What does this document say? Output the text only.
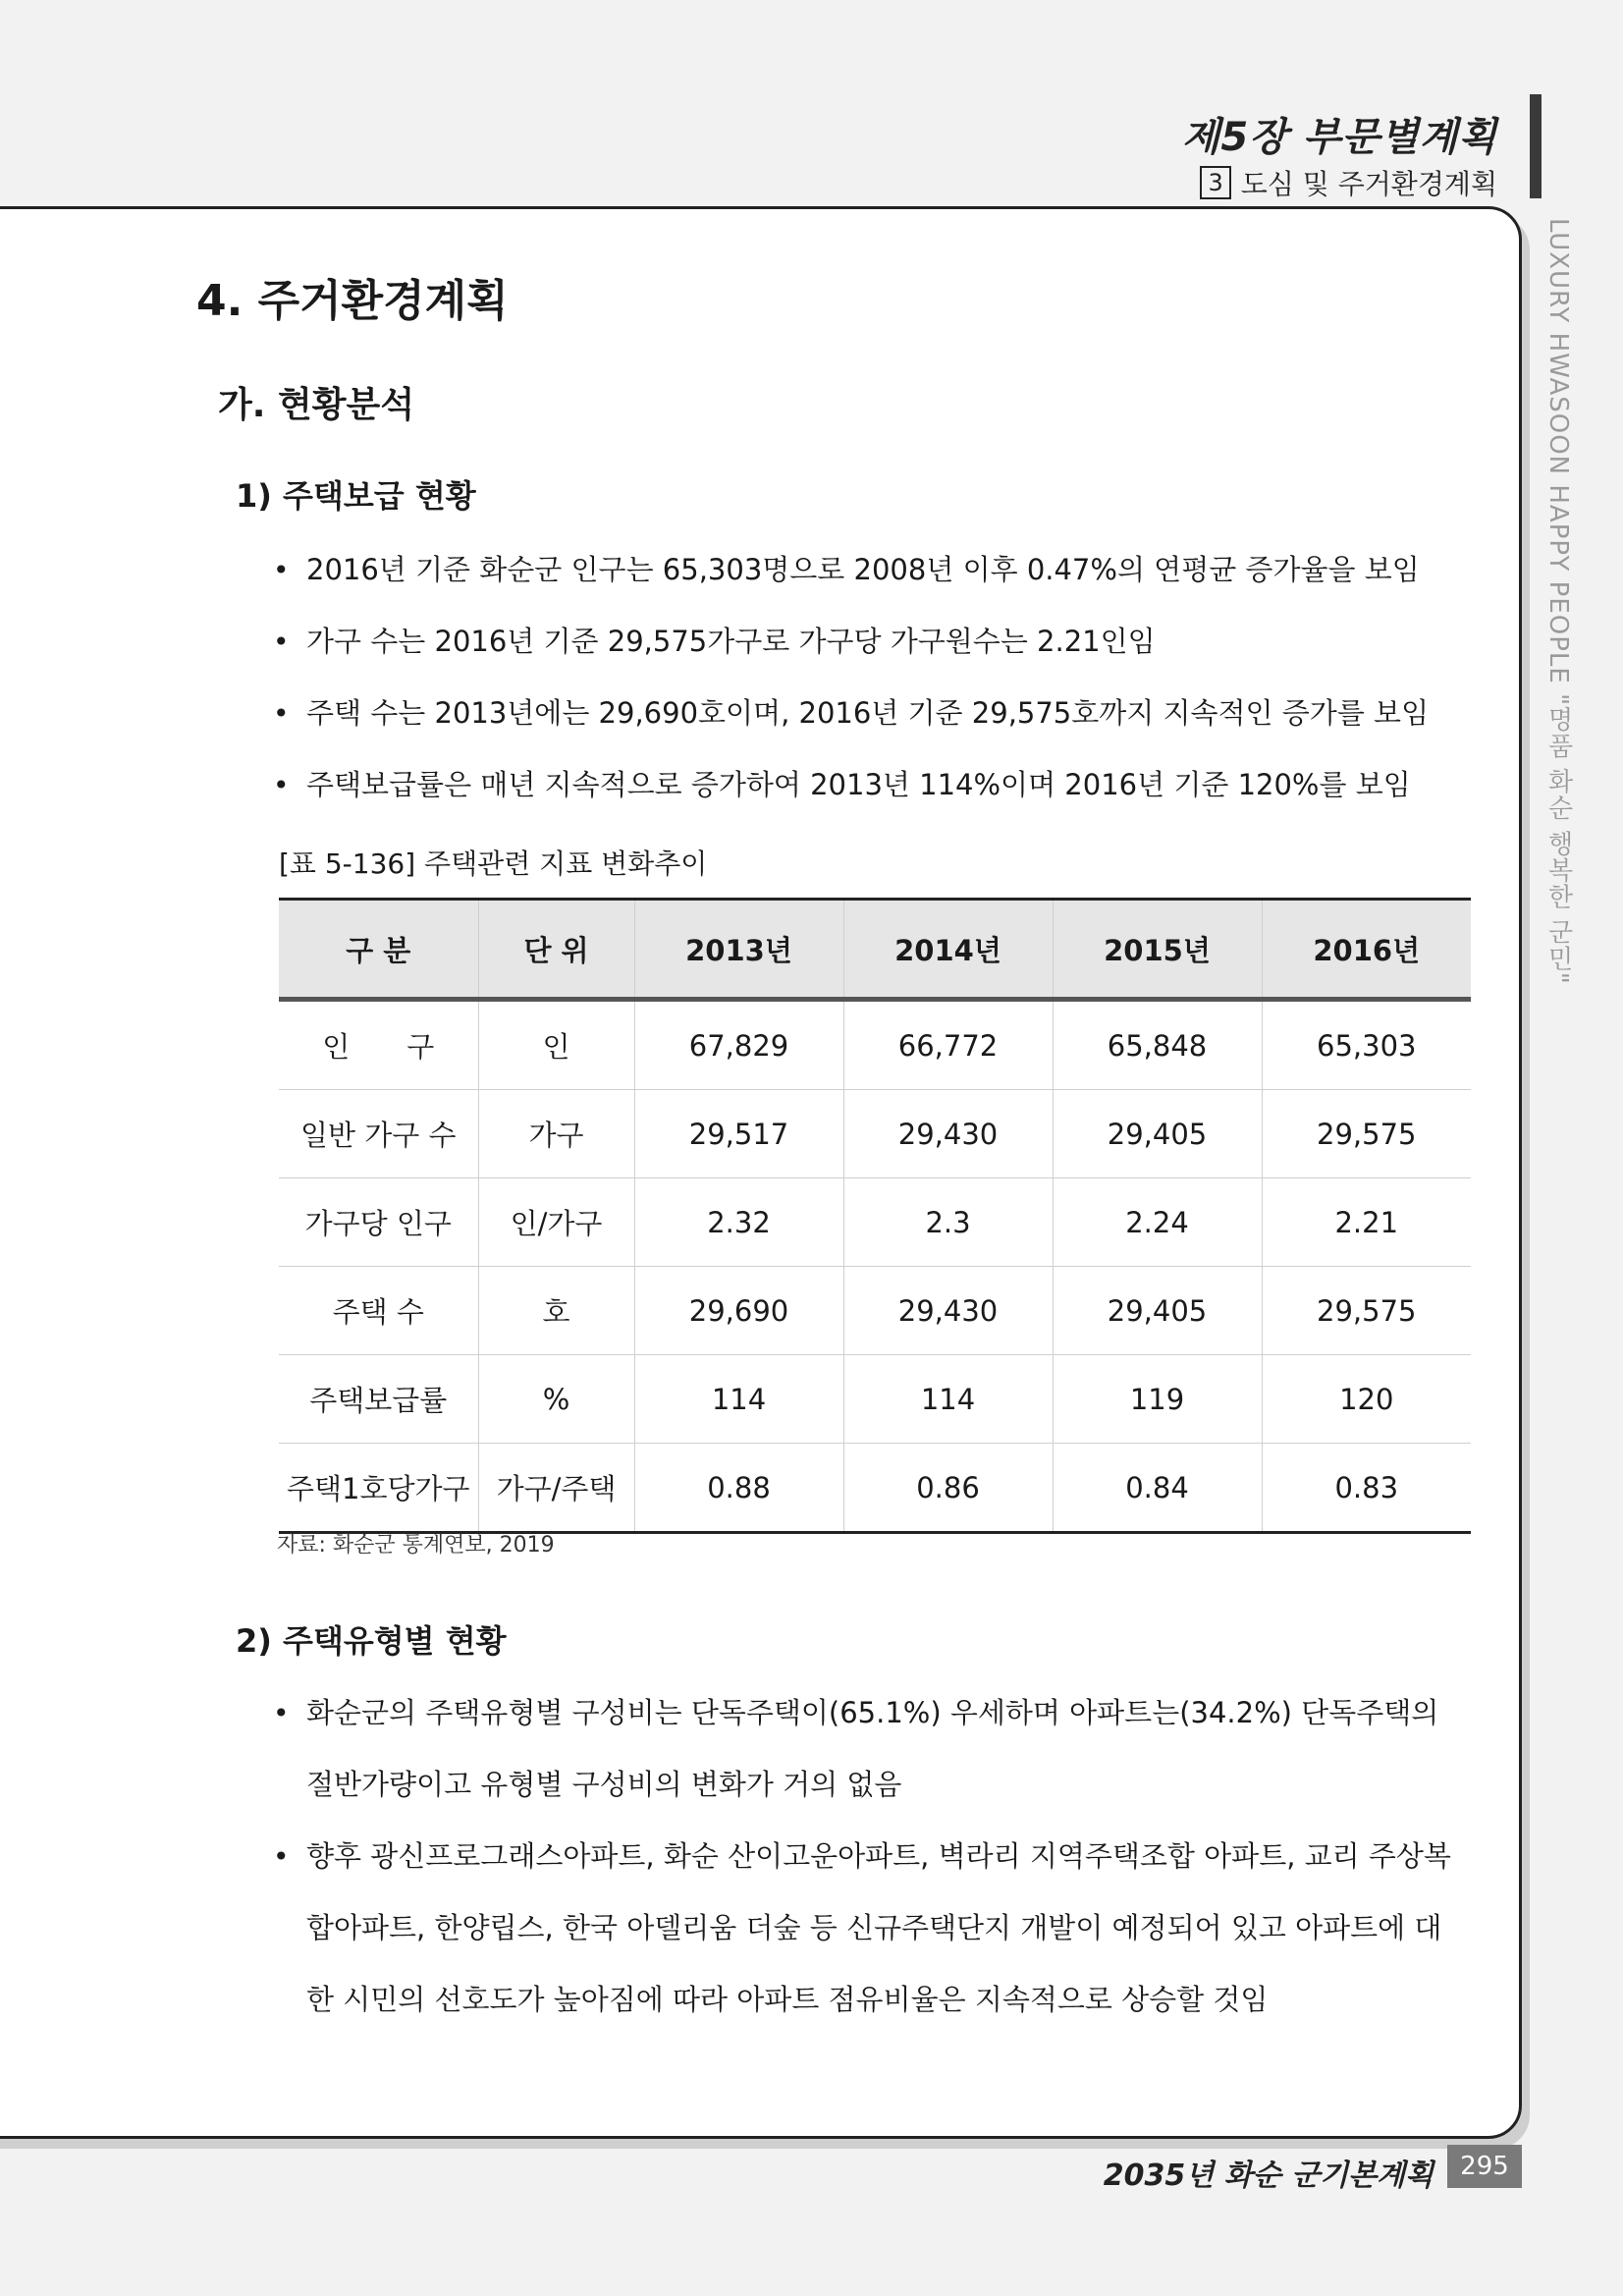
제5장 부문별계획
3 도심 및 주거환경계획
LUXURY HWASOON HAPPY PEOPLE "명품 화순 행복한 군민"
4. 주거환경계획
가. 현황분석
1) 주택보급 현황
• 2016년 기준 화순군 인구는 65,303명으로 2008년 이후 0.47%의 연평균 증가율을 보임
• 가구 수는 2016년 기준 29,575가구로 가구당 가구원수는 2.21인임
• 주택 수는 2013년에는 29,690호이며, 2016년 기준 29,575호까지 지속적인 증가를 보임
• 주택보급률은 매년 지속적으로 증가하여 2013년 114%이며 2016년 기준 120%를 보임
[표 5-136] 주택관련 지표 변화추이
구 분	단 위	2013년	2014년	2015년	2016년
인　　구	인	67,829	66,772	65,848	65,303
일반 가구 수	가구	29,517	29,430	29,405	29,575
가구당 인구	인/가구	2.32	2.3	2.24	2.21
주택 수	호	29,690	29,430	29,405	29,575
주택보급률	%	114	114	119	120
주택1호당가구	가구/주택	0.88	0.86	0.84	0.83
자료: 화순군 통계연보, 2019
2) 주택유형별 현황
• 화순군의 주택유형별 구성비는 단독주택이(65.1%) 우세하며 아파트는(34.2%) 단독주택의 절반가량이고 유형별 구성비의 변화가 거의 없음
• 향후 광신프로그래스아파트, 화순 산이고운아파트, 벽라리 지역주택조합 아파트, 교리 주상복합아파트, 한양립스, 한국 아델리움 더숲 등 신규주택단지 개발이 예정되어 있고 아파트에 대한 시민의 선호도가 높아짐에 따라 아파트 점유비율은 지속적으로 상승할 것임
2035년 화순 군기본계획	295
